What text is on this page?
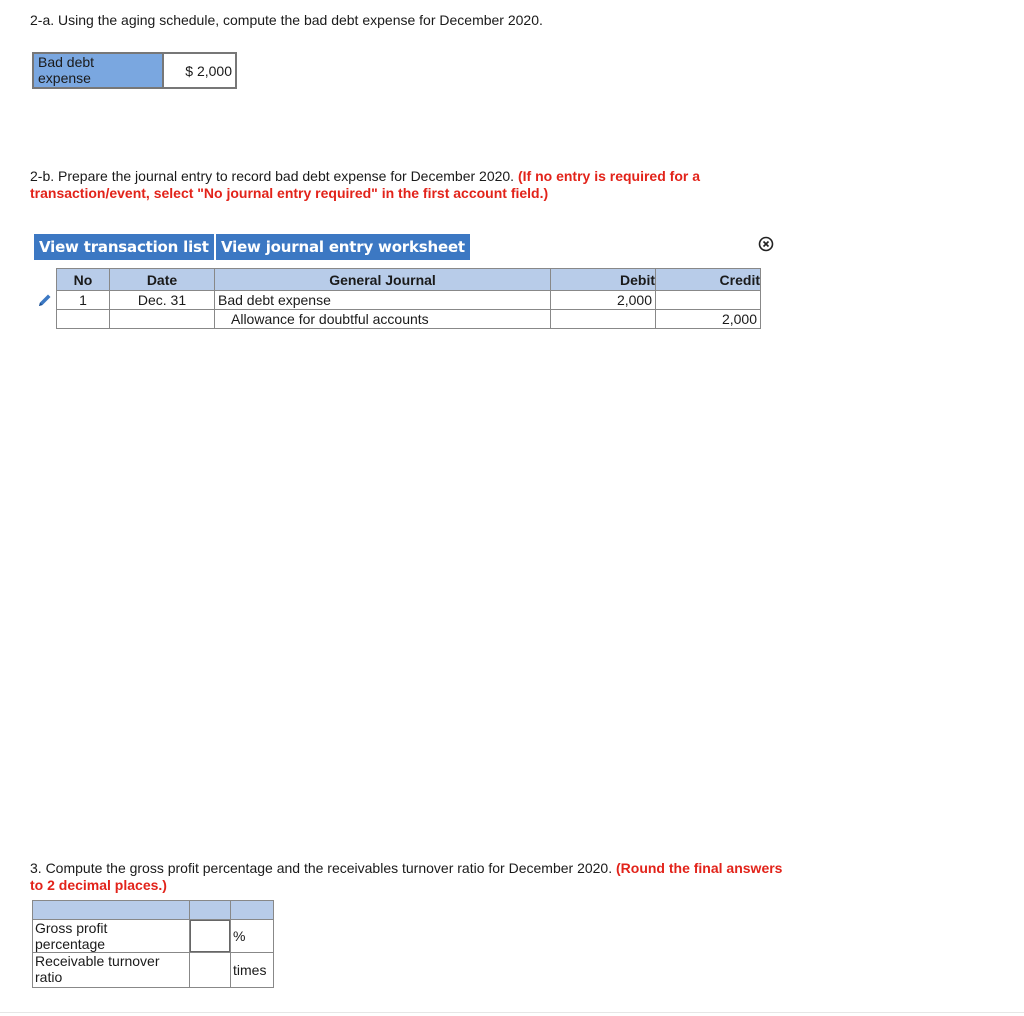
2-a. Using the aging schedule, compute the bad debt expense for December 2020.
Bad debt
expense	$ 2,000
2-b. Prepare the journal entry to record bad debt expense for December 2020. (If no entry is required for a transaction/event, select "No journal entry required" in the first account field.)
View transaction list View journal entry worksheet
No	Date	General Journal	Debit	Credit
1	Dec. 31	Bad debt expense	2,000	
		Allowance for doubtful accounts		2,000
3. Compute the gross profit percentage and the receivables turnover ratio for December 2020. (Round the final answers to 2 decimal places.)

Gross profit
percentage		%

Receivable turnover
ratio		times
